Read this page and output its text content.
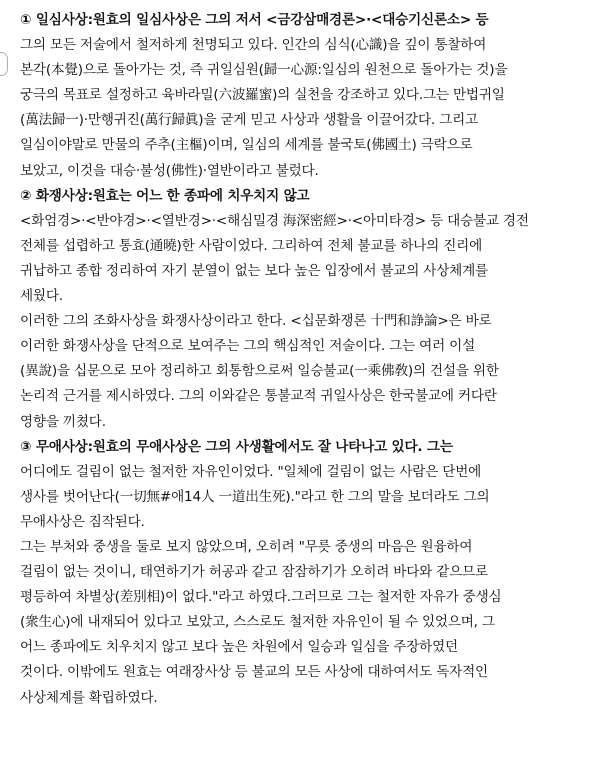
① 일심사상:원효의 일심사상은 그의 저서 <금강삼매경론>·<대승기신론소> 등
그의 모든 저술에서 철저하게 천명되고 있다. 인간의 심식(心識)을 깊이 통찰하여
본각(本覺)으로 돌아가는 것, 즉 귀일심원(歸一心源:일심의 원천으로 돌아가는 것)을
궁극의 목표로 설정하고 육바라밀(六波羅蜜)의 실천을 강조하고 있다.그는 만법귀일
(萬法歸一)·만행귀진(萬行歸眞)을 굳게 믿고 사상과 생활을 이끌어갔다. 그리고
일심이야말로 만물의 주추(主樞)이며, 일심의 세계를 불국토(佛國土) 극락으로
보았고, 이것을 대승·불성(佛性)·열반이라고 불렀다.
② 화쟁사상:원효는 어느 한 종파에 치우치지 않고
<화엄경>·<반야경>·<열반경>·<해심밀경 海深密經>·<아미타경> 등 대승불교 경전
전체를 섭렵하고 통효(通曉)한 사람이었다. 그리하여 전체 불교를 하나의 진리에
귀납하고 종합 정리하여 자기 분열이 없는 보다 높은 입장에서 불교의 사상체계를
세웠다.
이러한 그의 조화사상을 화쟁사상이라고 한다. <십문화쟁론 十門和諍論>은 바로
이러한 화쟁사상을 단적으로 보여주는 그의 핵심적인 저술이다. 그는 여러 이설
(異說)을 십문으로 모아 정리하고 회통함으로써 일승불교(一乘佛敎)의 건설을 위한
논리적 근거를 제시하였다. 그의 이와같은 통불교적 귀일사상은 한국불교에 커다란
영향을 끼쳤다.
③ 무애사상:원효의 무애사상은 그의 사생활에서도 잘 나타나고 있다. 그는
어디에도 걸림이 없는 철저한 자유인이었다. "일체에 걸림이 없는 사람은 단번에
생사를 벗어난다(一切無#애14人 一道出生死)."라고 한 그의 말을 보더라도 그의
무애사상은 짐작된다.
그는 부처와 중생을 둘로 보지 않았으며, 오히려 "무릇 중생의 마음은 원융하여
걸림이 없는 것이니, 태연하기가 허공과 같고 잠잠하기가 오히려 바다와 같으므로
평등하여 차별상(差別相)이 없다."라고 하였다.그러므로 그는 철저한 자유가 중생심
(衆生心)에 내재되어 있다고 보았고, 스스로도 철저한 자유인이 될 수 있었으며, 그
어느 종파에도 치우치지 않고 보다 높은 차원에서 일승과 일심을 주장하였던
것이다. 이밖에도 원효는 여래장사상 등 불교의 모든 사상에 대하여서도 독자적인
사상체계를 확립하였다.
